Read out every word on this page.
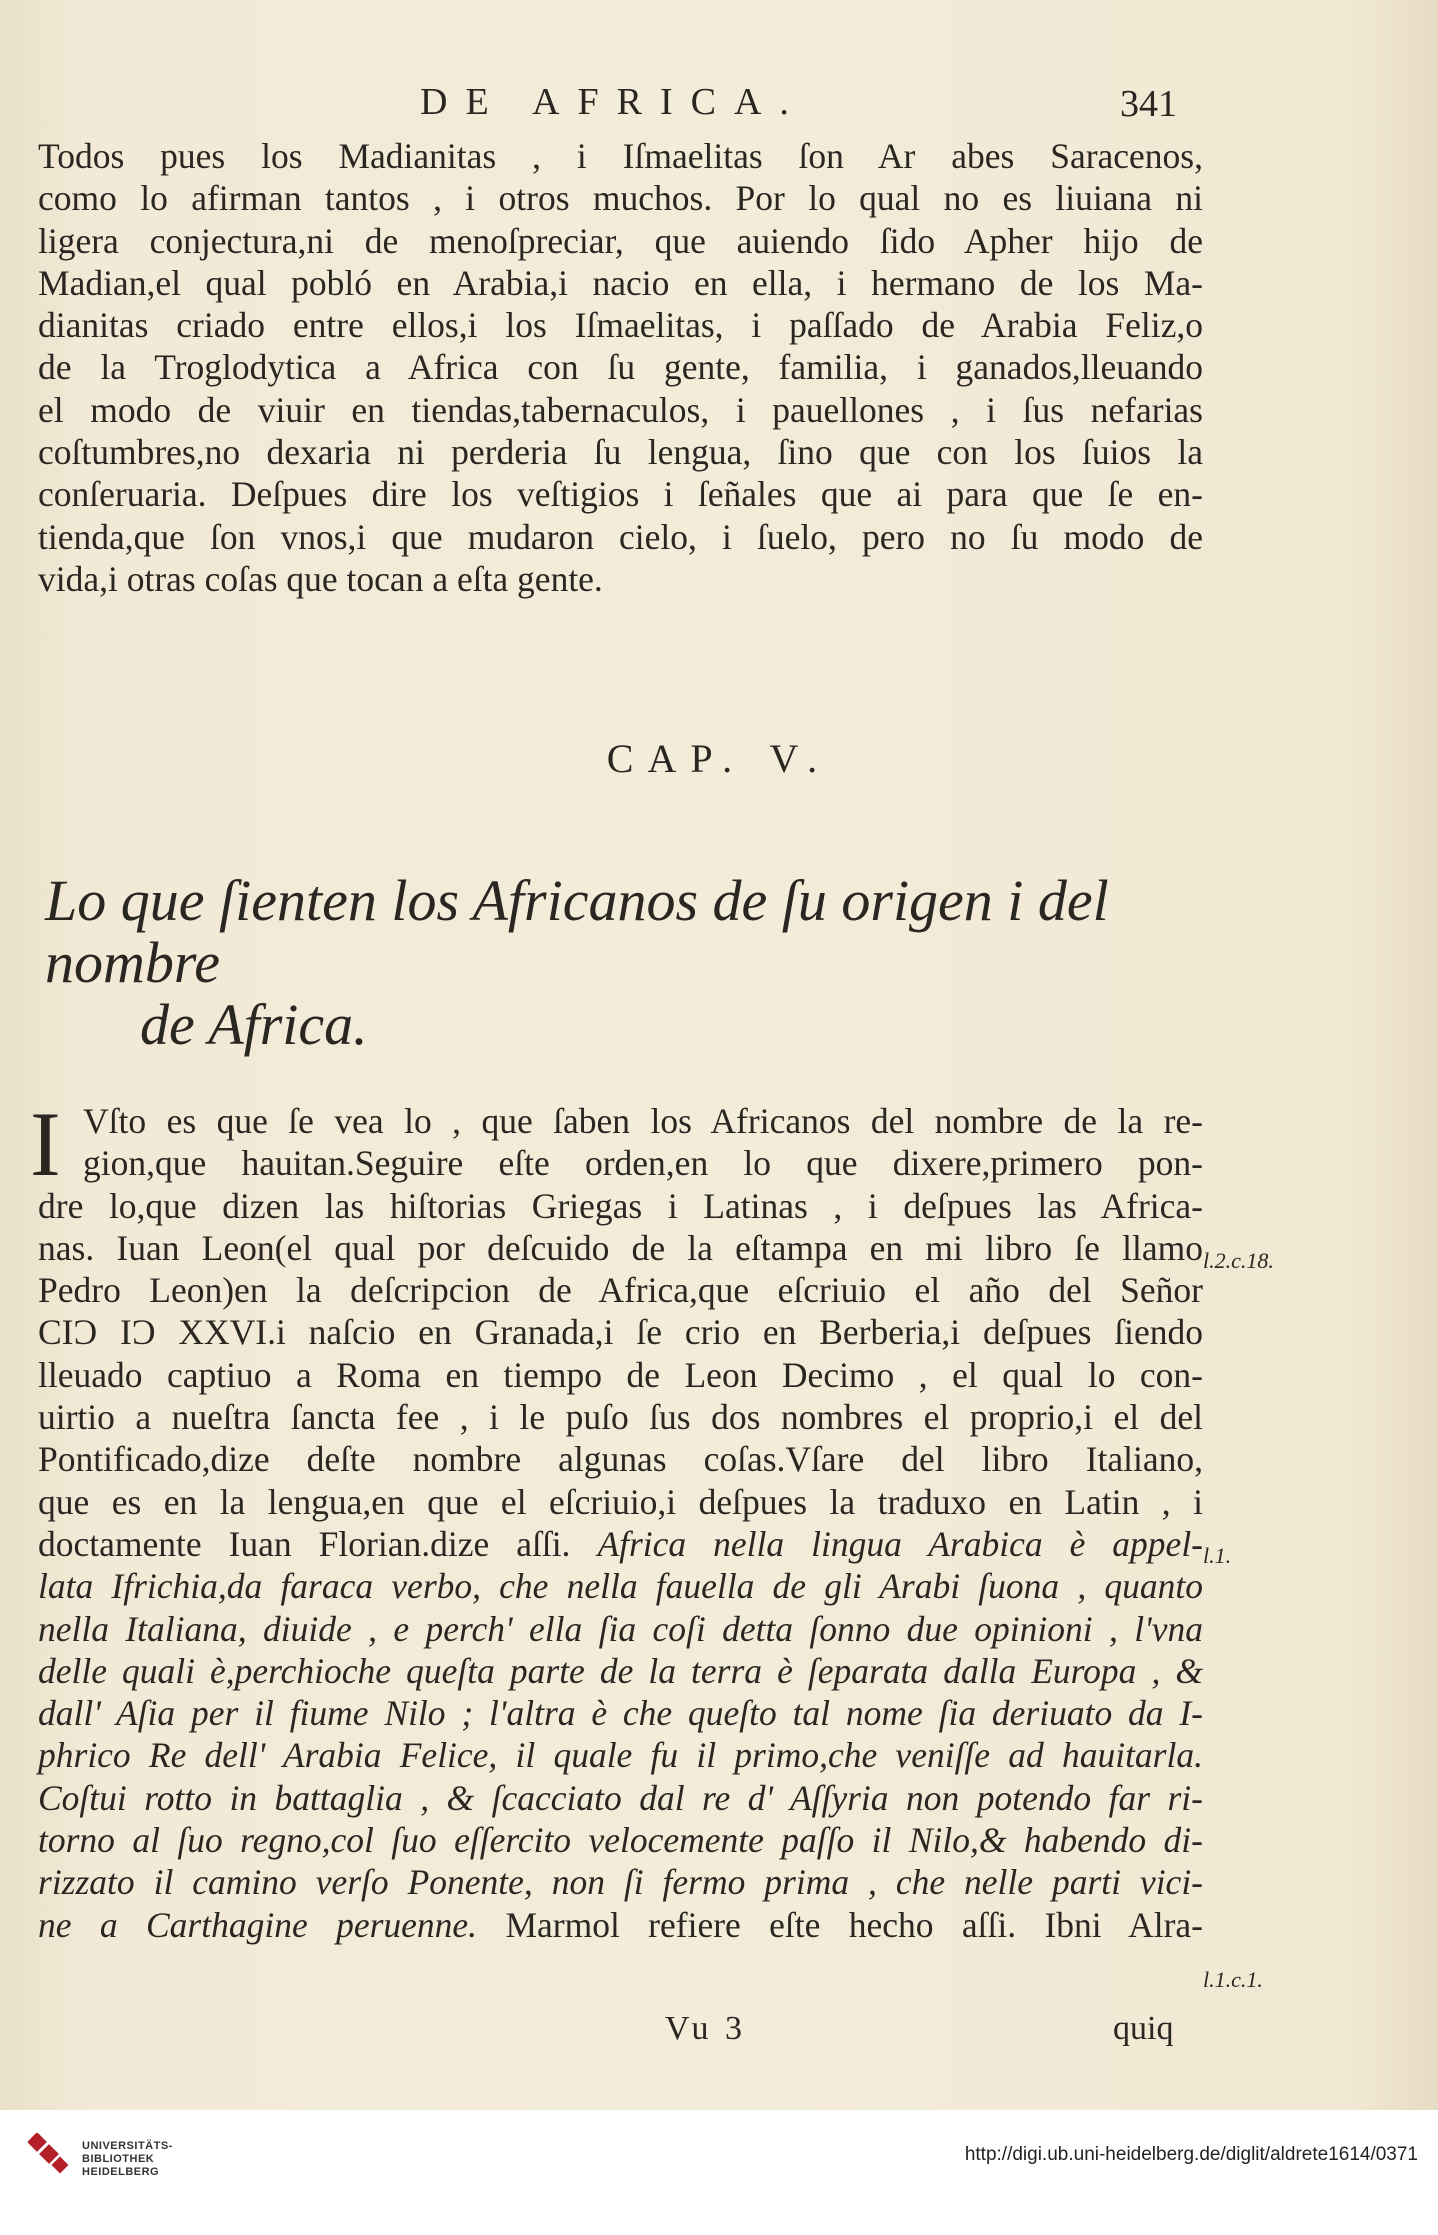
DE AFRICA.	341
Todos pues los Madianitas , i Iſmaelitas ſon Ar abes Saracenos,
como lo afirman tantos , i otros muchos. Por lo qual no es liuiana ni
ligera conjectura,ni de menoſpreciar, que auiendo ſido Apher hijo de
Madian,el qual pobló en Arabia,i nacio en ella, i hermano de los Ma-
dianitas criado entre ellos,i los Iſmaelitas, i paſſado de Arabia Feliz,o
de la Troglodytica a Africa con ſu gente, familia, i ganados,lleuando
el modo de viuir en tiendas,tabernaculos, i pauellones , i ſus nefarias
coſtumbres,no dexaria ni perderia ſu lengua, ſino que con los ſuios la
conſeruaria. Deſpues dire los veſtigios i ſeñales que ai para que ſe en-
tienda,que ſon vnos,i que mudaron cielo, i ſuelo, pero no ſu modo de
vida,i otras coſas que tocan a eſta gente.
CAP. V.
Lo que ſienten los Africanos de ſu origen i del nombre
de Africa.
I Vſto es que ſe vea lo , que ſaben los Africanos del nombre de la re-
gion,que hauitan.Seguire eſte orden,en lo que dixere,primero pon-
dre lo,que dizen las hiſtorias Griegas i Latinas , i deſpues las Africa-
nas. Iuan Leon(el qual por deſcuido de la eſtampa en mi libro ſe llamo
Pedro Leon)en la deſcripcion de Africa,que eſcriuio el año del Señor
CIƆ IƆ XXVI.i naſcio en Granada,i ſe crio en Berberia,i deſpues ſiendo
lleuado captiuo a Roma en tiempo de Leon Decimo , el qual lo con-
uirtio a nueſtra ſancta fee , i le puſo ſus dos nombres el proprio,i el del
Pontificado,dize deſte nombre algunas coſas.Vſare del libro Italiano,
que es en la lengua,en que el eſcriuio,i deſpues la traduxo en Latin , i
doctamente Iuan Florian.dize aſſi. Africa nella lingua Arabica è appel-
lata Ifrichia,da faraca verbo, che nella fauella de gli Arabi ſuona , quanto
nella Italiana, diuide , e perch' ella ſia coſi detta ſonno due opinioni , l'vna
delle quali è,perchioche queſta parte de la terra è ſeparata dalla Europa , &
dall' Aſia per il fiume Nilo ; l'altra è che queſto tal nome ſia deriuato da I-
phrico Re dell' Arabia Felice, il quale fu il primo,che veniſſe ad hauitarla.
Coſtui rotto in battaglia , & ſcacciato dal re d' Aſſyria non potendo far ri-
torno al ſuo regno,col ſuo eſſercito velocemente paſſo il Nilo,& habendo di-
rizzato il camino verſo Ponente, non ſi fermo prima , che nelle parti vici-
ne a Carthagine peruenne. Marmol refiere eſte hecho aſſi. Ibni Alra-
l.2.c.18.
l.1.
l.1.c.1.
Vu 3	quiq
UNIVERSITÄTS-
BIBLIOTHEK
HEIDELBERG
http://digi.ub.uni-heidelberg.de/diglit/aldrete1614/0371
